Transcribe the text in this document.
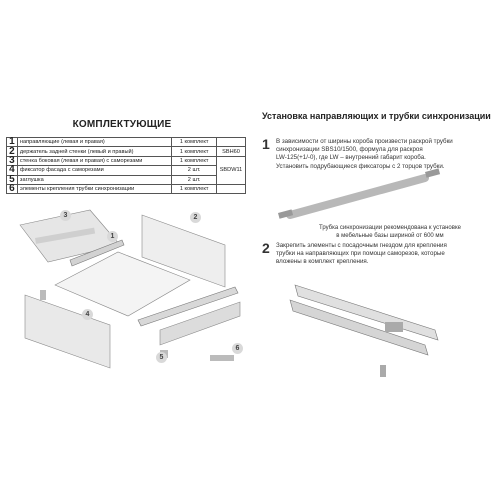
КОМПЛЕКТУЮЩИЕ
Установка направляющих и трубки синхронизации
1	направляющие (левая и правая)	1 комплект	
2	держатель задней стенки (левый и правый)	1 комплект	SBH60
3	стенка боковая (левая и правая) с саморезами	1 комплект	SBDW11
4	фиксатор фасада с саморезами	2 шт.	
5	заглушка	2 шт.	
6	элементы крепления трубки синхронизации	1 комплект	
1 В зависимости от ширины короба произвести раскрой трубки
синхронизации SBS10/1500, формула для раскроя
LW-125(+1/-0), где LW – внутренний габарит короба.
Установить подрубающиеся фиксаторы с 2 торцов трубки.
Трубка синхронизации рекомендована к установке
в мебельные базы шириной от 600 мм
2 Закрепить элементы с посадочным гнездом для крепления
трубки на направляющих при помощи саморезов, которые
вложены в комплект крепления.
3
1
2
4
5
6
